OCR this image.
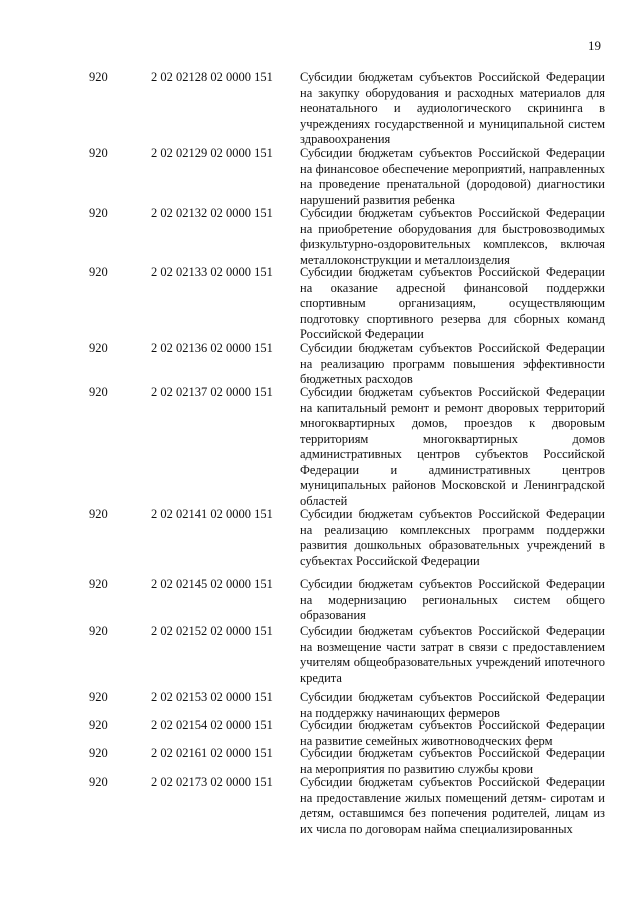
19
920	2 02 02128 02 0000 151 Субсидии бюджетам субъектов Российской Федерации на закупку оборудования и расходных материалов для неонатального и аудиологического скрининга в учреждениях государственной и муниципальной систем здравоохранения
920	2 02 02129 02 0000 151 Субсидии бюджетам субъектов Российской Федерации на финансовое обеспечение мероприятий, направленных на проведение пренатальной (дородовой) диагностики нарушений развития ребенка
920	2 02 02132 02 0000 151 Субсидии бюджетам субъектов Российской Федерации на приобретение оборудования для быстровозводимых физкультурно-оздоровительных комплексов, включая металлоконструкции и металлоизделия
920	2 02 02133 02 0000 151 Субсидии бюджетам субъектов Российской Федерации на оказание адресной финансовой поддержки спортивным организациям, осуществляющим подготовку спортивного резерва для сборных команд Российской Федерации
920	2 02 02136 02 0000 151 Субсидии бюджетам субъектов Российской Федерации на реализацию программ повышения эффективности бюджетных расходов
920	2 02 02137 02 0000 151 Субсидии бюджетам субъектов Российской Федерации на капитальный ремонт и ремонт дворовых территорий многоквартирных домов, проездов к дворовым территориям многоквартирных домов административных центров субъектов Российской Федерации и административных центров муниципальных районов Московской и Ленинградской областей
920	2 02 02141 02 0000 151 Субсидии бюджетам субъектов Российской Федерации на реализацию комплексных программ поддержки развития дошкольных образовательных учреждений в субъектах Российской Федерации
920	2 02 02145 02 0000 151 Субсидии бюджетам субъектов Российской Федерации на модернизацию региональных систем общего образования
920	2 02 02152 02 0000 151 Субсидии бюджетам субъектов Российской Федерации на возмещение части затрат в связи с предоставлением учителям общеобразовательных учреждений ипотечного кредита
920	2 02 02153 02 0000 151 Субсидии бюджетам субъектов Российской Федерации на поддержку начинающих фермеров
920	2 02 02154 02 0000 151 Субсидии бюджетам субъектов Российской Федерации на развитие семейных животноводческих ферм
920	2 02 02161 02 0000 151 Субсидии бюджетам субъектов Российской Федерации на мероприятия по развитию службы крови
920	2 02 02173 02 0000 151 Субсидии бюджетам субъектов Российской Федерации на предоставление жилых помещений детям- сиротам и детям, оставшимся без попечения родителей, лицам из их числа по договорам найма специализированных
